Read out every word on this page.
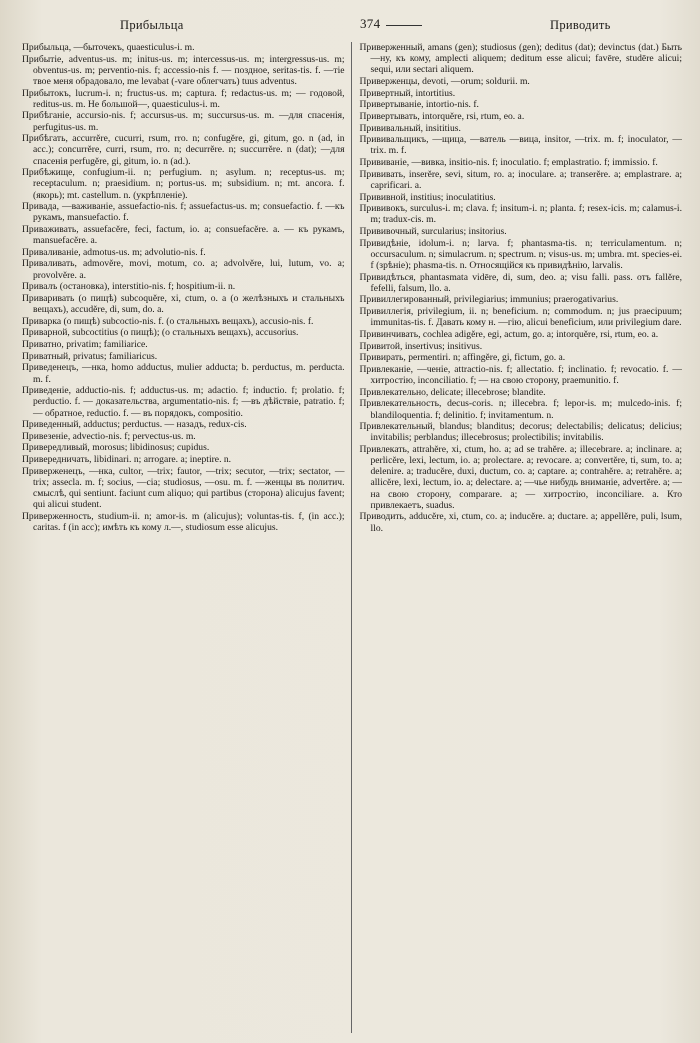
Прибыльца	374	Приводить

Прибыльца, —быточекъ, quaesticulus-i. m.

Прибытіе, adventus-us. m; initus-us. m; intercessus-us. m; intergressus-us. m; obventus-us. m; perventio-nis. f; accessio-nis f. — поздное, seritas-tis. f. —тіе твое меня обрадовало, me levabat (-vare облегчать) tuus adventus.

Прибытокъ, lucrum-i. n; fructus-us. m; captura. f; redactus-us. m; — годовой, reditus-us. m. Не большой—, quaesticulus-i. m.

Прибѣганіе, accursio-nis. f; accursus-us. m; succursus-us. m. —для спасенія, perfugitus-us. m.

Прибѣгать, accurrĕre, cucurri, rsum, rro. n; confugĕre, gi, gitum, go. n (ad, in acc.); concurrĕre, curri, rsum, rro. n; decurrĕre. n; succurrĕre. n (dat); —для спасенія perfugĕre, gi, gitum, io. n (ad.).

Прибѣжище, confugium-ii. n; perfugium. n; asylum. n; receptus-us. m; receptaculum. n; praesidium. n; portus-us. m; subsidium. n; mt. ancora. f. (якорь); mt. castellum. n. (укрѣпленіе).

Привада, —важиваніе, assuefactio-nis. f; assuefactus-us. m; consuefactio. f. —къ рукамъ, mansuefactio. f.

Приваживать, assuefacĕre, feci, factum, io. a; consuefacĕre. a. — къ рукамъ, mansuefacĕre. a.

Приваливаніе, admotus-us. m; advolutio-nis. f.

Приваливать, admovĕre, movi, motum, co. a; advolvĕre, lui, lutum, vo. a; provolvĕre. a.

Привалъ (остановка), interstitio-nis. f; hospitium-ii. n.

Приваривать (о пищѣ) subcoquĕre, xi, ctum, o. a (о желѣзныхъ и стальныхъ вещахъ), accudĕre, di, sum, do. a.

Приварка (о пищѣ) subcoctio-nis. f. (о стальныхъ вещахъ), accusio-nis. f.

Приварной, subcoctitius (о пищѣ); (о стальныхъ вещахъ), accusorius.

Приватно, privatim; familiarice.

Приватный, privatus; familiaricus.

Приведенецъ, —нка, homo adductus, mulier adducta; b. perductus, m. perducta. m. f.

Приведеніе, adductio-nis. f; adductus-us. m; adactio. f; inductio. f; prolatio. f; perductio. f. — доказательства, argumentatio-nis. f; —въ дѣйствіе, patratio. f; — обратное, reductio. f. — въ порядокъ, compositio.

Приведенный, adductus; perductus. — назадъ, redux-cis.

Привезеніе, advectio-nis. f; pervectus-us. m.

Привередливый, morosus; libidinosus; cupidus.

Привередничать, libidinari. n; arrogare. a; ineptire. n.

Приверженецъ, —нка, cultor, —trix; fautor, —trix; secutor, —trix; sectator, —trix; assecla. m. f; socius, —cia; studiosus, —osu. m. f. —женцы въ политич. смыслѣ, qui sentiunt. faciunt cum aliquo; qui partibus (сторона) alicujus favent; qui alicui student.

Приверженность, studium-ii. n; amor-is. m (alicujus); voluntas-tis. f, (in acc.); caritas. f (in acc); имѣть къ кому л.—, studiosum esse alicujus.

Приверженный, amans (gen); studiosus (gen); deditus (dat); devinctus (dat.) Быть —ну, къ кому, amplecti aliquem; deditum esse alicui; favēre, studēre alicui; sequi, или sectari aliquem.

Приверженцы, devoti, —orum; soldurii. m.

Привертный, intortitius.

Привертываніе, intortio-nis. f.

Привертывать, intorquĕre, rsi, rtum, eo. a.

Прививальный, insititius.

Прививальщикъ, —щица, —ватель —вица, insitor, —trix. m. f; inoculator, —trix. m. f.

Прививаніе, —вивка, insitio-nis. f; inoculatio. f; emplastratio. f; immissio. f.

Прививать, inserĕre, sevi, situm, ro. a; inoculare. a; transerĕre. a; emplastrare. a; caprificari. a.

Прививной, institius; inoculatitius.

Прививокъ, surculus-i. m; clava. f; insitum-i. n; planta. f; resex-icis. m; calamus-i. m; tradux-cis. m.

Прививочный, surcularius; insitorius.

Привидѣніе, idolum-i. n; larva. f; phantasma-tis. n; terriculamentum. n; occursaculum. n; simulacrum. n; spectrum. n; visus-us. m; umbra. mt. species-ei. f (зрѣніе); phasma-tis. n. Относящійся къ привидѣнію, larvalis.

Привидѣться, phantasmata vidēre, di, sum, deo. a; visu falli. pass. отъ fallĕre, fefelli, falsum, llo. a.

Привиллегированный, privilegiarius; immunius; praerogativarius.

Привиллегія, privilegium, ii. n; beneficium. n; commodum. n; jus praecipuum; immunitas-tis. f. Давать кому н. —гію, alicui beneficium, или privilegium dare.

Привинчивать, cochlea adigĕre, egi, actum, go. a; intorquĕre, rsi, rtum, eo. a.

Привитой, insertivus; insitivus.

Привирать, permentiri. n; affingĕre, gi, fictum, go. a.

Привлеканіе, —ченіе, attractio-nis. f; allectatio. f; inclinatio. f; revocatio. f. —хитростію, inconciliatio. f; — на свою сторону, praemunitio. f.

Привлекательно, delicate; illecebrose; blandite.

Привлекательность, decus-coris. n; illecebra. f; lepor-is. m; mulcedo-inis. f; blandiloquentia. f; delinitio. f; invitamentum. n.

Привлекательный, blandus; blanditus; decorus; delectabilis; delicatus; delicius; invitabilis; perblandus; illecebrosus; prolectibilis; invitabilis.

Привлекать, attrahĕre, xi, ctum, ho. a; ad se trahĕre. a; illecebrare. a; inclinare. a; perlicĕre, lexi, lectum, io. a; prolectare. a; revocare. a; convertĕre, ti, sum, to. a; delenire. a; traducĕre, duxi, ductum, co. a; captare. a; contrahĕre. a; retrahĕre. a; allicĕre, lexi, lectum, io. a; delectare. a; —чье нибудь вниманіе, advertĕre. a; —на свою сторону, comparare. a; — хитростію, inconciliare. a. Кто привлекаетъ, suadus.

Приводить, adducĕre, xi, ctum, co. a; inducĕre. a; ductare. a; appellĕre, puli, lsum, llo.
